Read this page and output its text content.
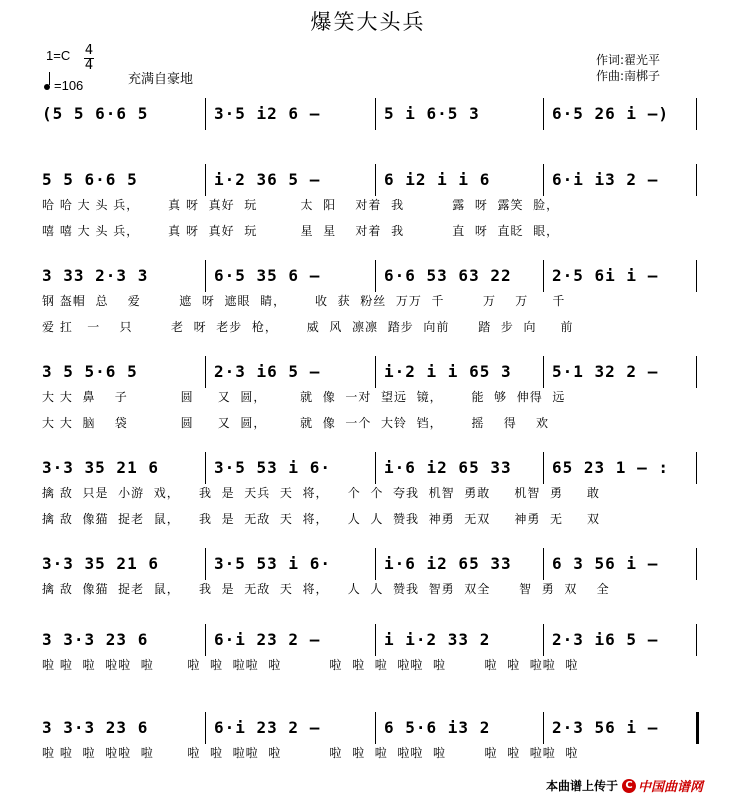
爆笑大头兵
$1=C \frac{4}{4}$
=106	充满自豪地
作词:翟光平
作曲:南梆子
(5 5 6·6 5	3·5 i2 6 –	5 i 6·5 3	6·5 26 i –)
5 5 6·6 5	i·2 36 5 –	6 i2 i i 6	6·i i3 2 –
哈 哈 大 头 兵，      真 呀  真好  玩         太  阳    对着  我          露  呀  露笑  脸，
嘻 嘻 大 头 兵，      真 呀  真好  玩         星  星    对着  我          直  呀  直眨  眼，
3 33 2·3 3	6·5 35 6 –	6·6 53 63 22	2·5 6i i –
钢 盔帽  总    爱        遮  呀  遮眼  睛，      收  获  粉丝  万万  千        万    万     千
爱 扛   一    只        老  呀  老步  枪，      威  风  凛凛  踏步  向前      踏  步  向     前
3 5 5·6 5	2·3 i6 5 –	i·2 i i 65 3	5·1 32 2 –
大 大  鼻    子           圆     又  圆，       就  像  一对  望远  镜，      能  够  伸得  远
大 大  脑    袋           圆     又  圆，       就  像  一个  大铃  铛，      摇    得    欢
3·3 35 21 6	3·5 53 i 6·	i·6 i2 65 33	65 23 1 – :
擒 敌  只是  小游  戏，    我  是  天兵  天  将，    个  个  夸我  机智  勇敢     机智  勇     敢
擒 敌  像猫  捉老  鼠，    我  是  无敌  天  将，    人  人  赞我  神勇  无双     神勇  无     双
3·3 35 21 6	3·5 53 i 6·	i·6 i2 65 33	6 3 56 i –
擒 敌  像猫  捉老  鼠，    我  是  无敌  天  将，    人  人  赞我  智勇  双全      智  勇  双    全
3 3·3 23 6	6·i 23 2 –	i i·2 33 2	2·3 i6 5 –
啦 啦  啦  啦啦  啦       啦  啦  啦啦  啦          啦  啦  啦  啦啦  啦        啦  啦  啦啦  啦
3 3·3 23 6	6·i 23 2 –	6 5·6 i3 2	2·3 56 i –
啦 啦  啦  啦啦  啦       啦  啦  啦啦  啦          啦  啦  啦  啦啦  啦        啦  啦  啦啦  啦
本曲谱上传于 C 中国曲谱网
